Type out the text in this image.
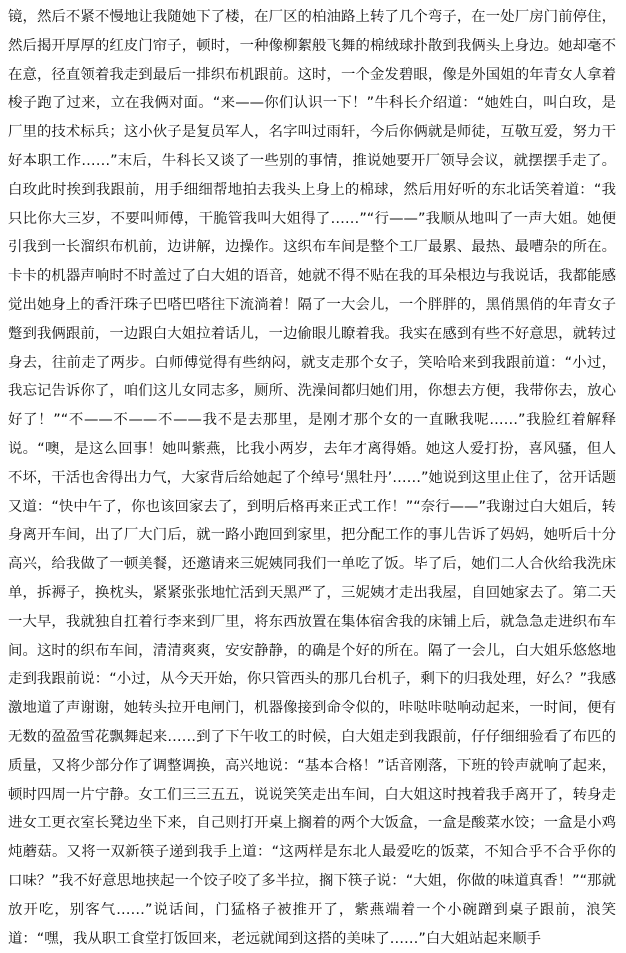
镜，然后不紧不慢地让我随她下了楼，在厂区的柏油路上转了几个弯子，在一处厂房门前停住，然后揭开厚厚的红皮门帘子，顿时，一种像柳絮般飞舞的棉绒球扑散到我俩头上身边。她却毫不在意，径直领着我走到最后一排织布机跟前。这时，一个金发碧眼，像是外国姐的年青女人拿着梭子跑了过来，立在我俩对面。“来——你们认识一下！”牛科长介绍道：“她姓白，叫白玫，是厂里的技术标兵；这小伙子是复员军人，名字叫过雨轩，今后你俩就是师徒，互敬互爱，努力干好本职工作……”末后，牛科长又谈了一些别的事情，推说她要开厂领导会议，就摆摆手走了。白玫此时挨到我跟前，用手细细帮地拍去我头上身上的棉球，然后用好听的东北话笑着道：“我只比你大三岁，不要叫师傅，干脆管我叫大姐得了……”“行——”我顺从地叫了一声大姐。她便引我到一长溜织布机前，边讲解，边操作。这织布车间是整个工厂最累、最热、最嘈杂的所在。卡卡的机器声响时不时盖过了白大姐的语音，她就不得不贴在我的耳朵根边与我说话，我都能感觉出她身上的香汗珠子巴嗒巴嗒往下流淌着！隔了一大会儿，一个胖胖的，黑俏黑俏的年青女子蹩到我俩跟前，一边跟白大姐拉着话儿，一边偷眼儿瞭着我。我实在感到有些不好意思，就转过身去，往前走了两步。白师傅觉得有些纳闷，就支走那个女子，笑哈哈来到我跟前道：“小过，我忘记告诉你了，咱们这儿女同志多，厕所、洗澡间都归她们用，你想去方便，我带你去，放心好了！”“不——不——不——我不是去那里，是刚才那个女的一直瞅我呢……”我脸红着解释说。“噢，是这么回事！她叫紫燕，比我小两岁，去年才离得婚。她这人爱打扮，喜风骚，但人不坏，干活也舍得出力气，大家背后给她起了个绰号‘黑牡丹’……”她说到这里止住了，岔开话题又道：“快中午了，你也该回家去了，到明后格再来正式工作！”“奈行——”我谢过白大姐后，转身离开车间，出了厂大门后，就一路小跑回到家里，把分配工作的事儿告诉了妈妈，她听后十分高兴，给我做了一顿美餐，还邀请来三妮姨同我们一单吃了饭。毕了后，她们二人合伙给我洗床单，拆褥子，换枕头，紧紧张张地忙活到天黑严了，三妮姨才走出我屋，自回她家去了。第二天一大早，我就独自扛着行李来到厂里，将东西放置在集体宿舍我的床铺上后，就急急走进织布车间。这时的织布车间，清清爽爽，安安静静，的确是个好的所在。隔了一会儿，白大姐乐悠悠地走到我跟前说：“小过，从今天开始，你只管西头的那几台机子，剩下的归我处理，好么？”我感激地道了声谢谢，她转头拉开电闸门，机器像接到命令似的，咔哒咔哒响动起来，一时间，便有无数的盈盈雪花飘舞起来……到了下午收工的时候，白大姐走到我跟前，仔仔细细验看了布匹的质量，又将少部分作了调整调换，高兴地说：“基本合格！”话音刚落，下班的铃声就响了起来，顿时四周一片宁静。女工们三三五五，说说笑笑走出车间，白大姐这时拽着我手离开了，转身走进女工更衣室长凳边坐下来，自己则打开桌上搁着的两个大饭盒，一盒是酸菜水饺；一盒是小鸡炖蘑菇。又将一双新筷子递到我手上道：“这两样是东北人最爱吃的饭菜，不知合乎不合乎你的口味？”我不好意思地挟起一个饺子咬了多半拉，搁下筷子说：“大姐，你做的味道真香！”“那就放开吃，别客气……”说话间，门猛格子被推开了，紫燕端着一个小碗蹭到桌子跟前，浪笑道：“嘿，我从职工食堂打饭回来，老远就闻到这搭的美味了……”白大姐站起来顺手
